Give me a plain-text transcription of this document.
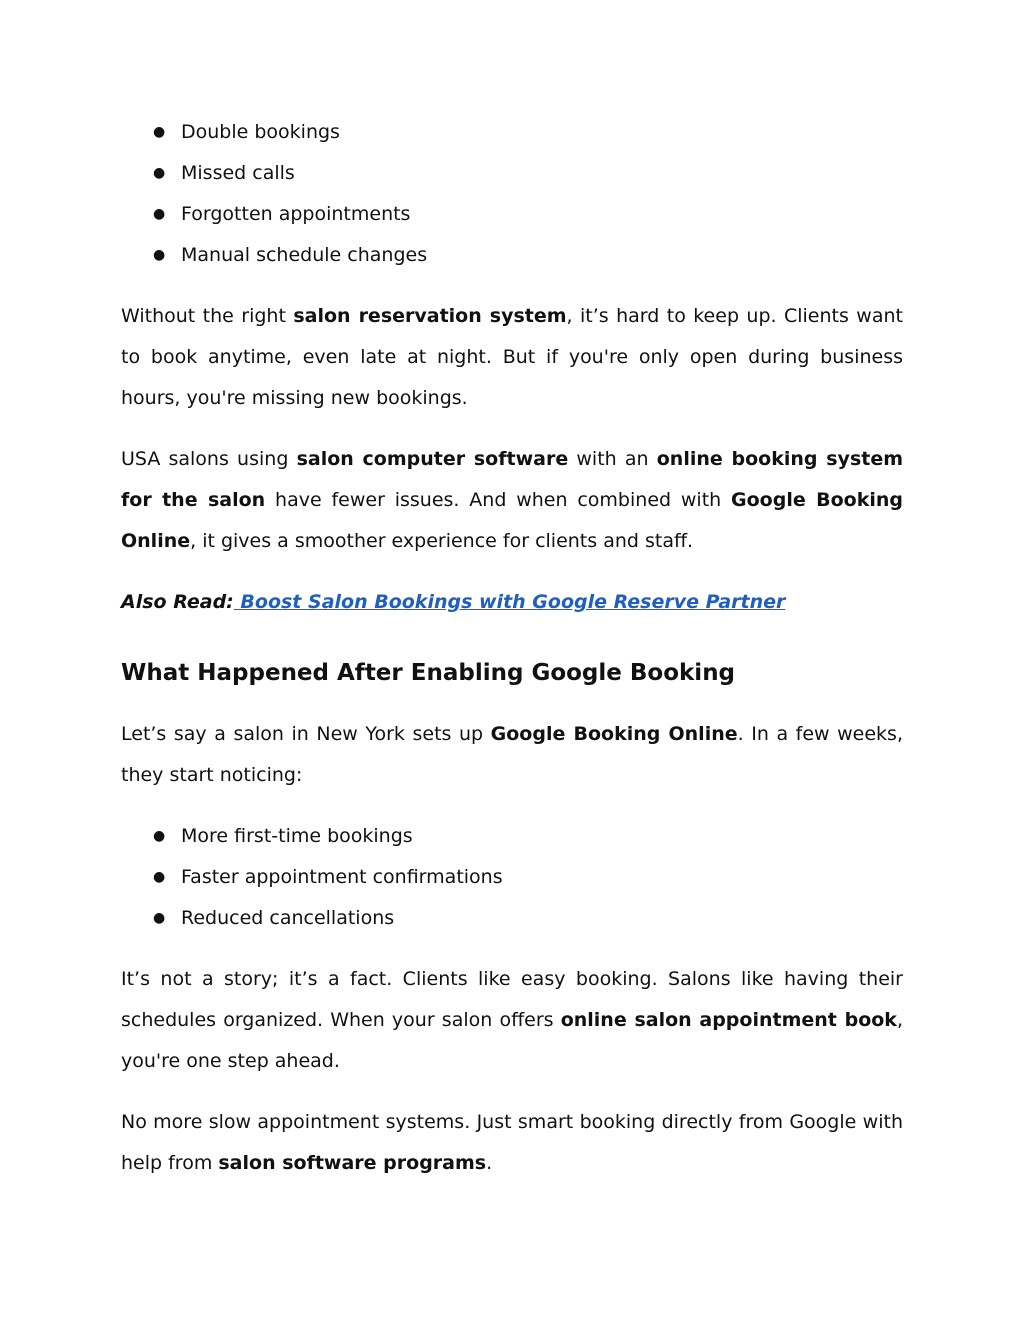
● Double bookings
● Missed calls
● Forgotten appointments
● Manual schedule changes

Without the right salon reservation system, it’s hard to keep up. Clients want to book anytime, even late at night. But if you're only open during business hours, you're missing new bookings.

USA salons using salon computer software with an online booking system for the salon have fewer issues. And when combined with Google Booking Online, it gives a smoother experience for clients and staff.

Also Read: Boost Salon Bookings with Google Reserve Partner

What Happened After Enabling Google Booking

Let’s say a salon in New York sets up Google Booking Online. In a few weeks, they start noticing:

● More first-time bookings
● Faster appointment confirmations
● Reduced cancellations

It’s not a story; it’s a fact. Clients like easy booking. Salons like having their schedules organized. When your salon offers online salon appointment book, you're one step ahead.

No more slow appointment systems. Just smart booking directly from Google with help from salon software programs.
